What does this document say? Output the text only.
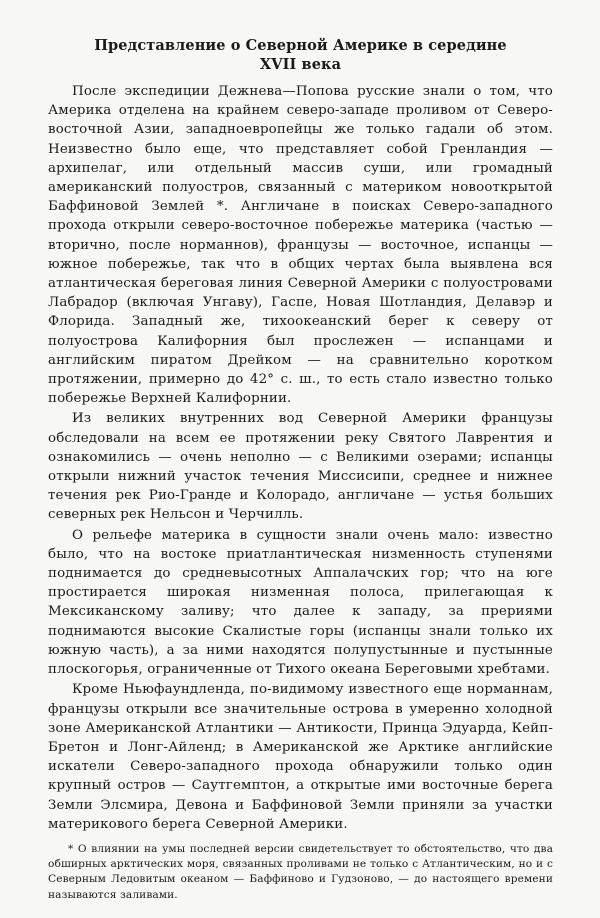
Представление о Северной Америке в середине
XVII века

После экспедиции Дежнева—Попова русские знали о том, что Америка отделена на крайнем северо-западе проливом от Северо-восточной Азии, западноевропейцы же только гадали об этом. Неизвестно было еще, что представляет собой Гренландия — архипелаг, или отдельный массив суши, или громадный американский полуостров, связанный с материком новооткрытой Баффиновой Землей *. Англичане в поисках Северо-западного прохода открыли северо-восточное побережье материка (частью — вторично, после норманнов), французы — восточное, испанцы — южное побережье, так что в общих чертах была выявлена вся атлантическая береговая линия Северной Америки с полуостровами Лабрадор (включая Унгаву), Гаспе, Новая Шотландия, Делавэр и Флорида. Западный же, тихоокеанский берег к северу от полуострова Калифорния был прослежен — испанцами и английским пиратом Дрейком — на сравнительно коротком протяжении, примерно до 42° с. ш., то есть стало известно только побережье Верхней Калифорнии.

Из великих внутренних вод Северной Америки французы обследовали на всем ее протяжении реку Святого Лаврентия и ознакомились — очень неполно — с Великими озерами; испанцы открыли нижний участок течения Миссисипи, среднее и нижнее течения рек Рио-Гранде и Колорадо, англичане — устья больших северных рек Нельсон и Черчилль.

О рельефе материка в сущности знали очень мало: известно было, что на востоке приатлантическая низменность ступенями поднимается до средневысотных Аппалачских гор; что на юге простирается широкая низменная полоса, прилегающая к Мексиканскому заливу; что далее к западу, за прериями поднимаются высокие Скалистые горы (испанцы знали только их южную часть), а за ними находятся полупустынные и пустынные плоскогорья, ограниченные от Тихого океана Береговыми хребтами.

Кроме Ньюфаундленда, по-видимому известного еще норманнам, французы открыли все значительные острова в умеренно холодной зоне Американской Атлантики — Антикости, Принца Эдуарда, Кейп-Бретон и Лонг-Айленд; в Американской же Арктике английские искатели Северо-западного прохода обнаружили только один крупный остров — Саутгемптон, а открытые ими восточные берега Земли Элсмира, Девона и Баффиновой Земли приняли за участки материкового берега Северной Америки.

* О влиянии на умы последней версии свидетельствует то обстоятельство, что два обширных арктических моря, связанных проливами не только с Атлантическим, но и с Северным Ледовитым океаном — Баффиново и Гудзоново, — до настоящего времени называются заливами.
